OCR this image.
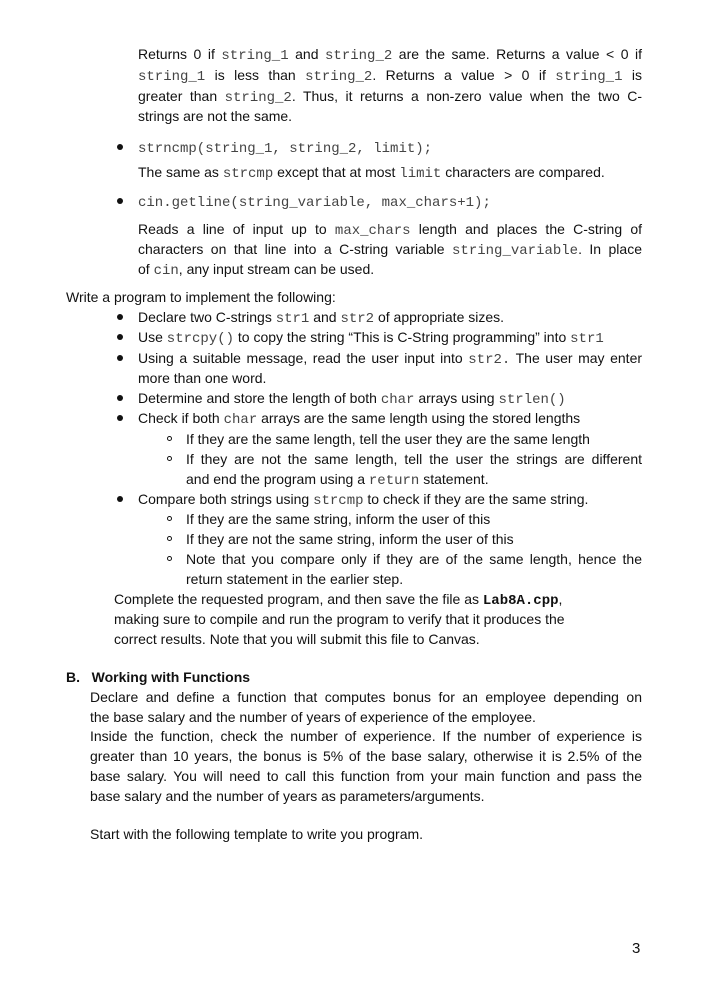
Returns 0 if string_1 and string_2 are the same. Returns a value < 0 if
string_1 is less than string_2. Returns a value > 0 if string_1 is
greater than string_2. Thus, it returns a non-zero value when the two C-
strings are not the same.
strncmp(string_1, string_2, limit);
The same as strcmp except that at most limit characters are compared.
cin.getline(string_variable, max_chars+1);
Reads a line of input up to max_chars length and places the C-string of
characters on that line into a C-string variable string_variable. In place
of cin, any input stream can be used.
Write a program to implement the following:
Declare two C-strings str1 and str2 of appropriate sizes.
Use strcpy() to copy the string “This is C-String programming” into str1
Using a suitable message, read the user input into str2. The user may enter
more than one word.
Determine and store the length of both char arrays using strlen()
Check if both char arrays are the same length using the stored lengths
If they are the same length, tell the user they are the same length
If they are not the same length, tell the user the strings are different
and end the program using a return statement.
Compare both strings using strcmp to check if they are the same string.
If they are the same string, inform the user of this
If they are not the same string, inform the user of this
Note that you compare only if they are of the same length, hence the
return statement in the earlier step.
Complete the requested program, and then save the file as Lab8A.cpp,
making sure to compile and run the program to verify that it produces the
correct results. Note that you will submit this file to Canvas.
B.   Working with Functions
Declare and define a function that computes bonus for an employee depending on
the base salary and the number of years of experience of the employee.
Inside the function, check the number of experience. If the number of experience is
greater than 10 years, the bonus is 5% of the base salary, otherwise it is 2.5% of the
base salary. You will need to call this function from your main function and pass the
base salary and the number of years as parameters/arguments.
Start with the following template to write you program.
3
